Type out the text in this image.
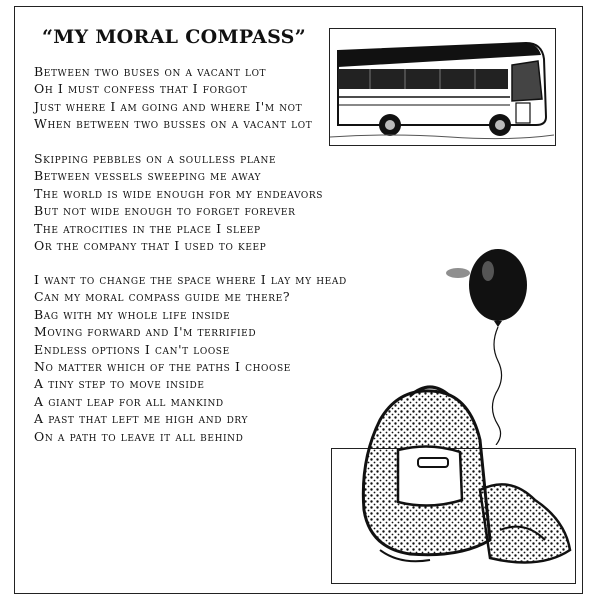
“MY MORAL COMPASS”
Between two buses on a vacant lot
Oh I must confess that I forgot
Just where I am going and where I'm not
When between two busses on a vacant lot
Skipping pebbles on a soulless plane
Between vessels sweeping me away
The world is wide enough for my endeavors
But not wide enough to forget forever
The atrocities in the place I sleep
Or the company that I used to keep
I want to change the space where I lay my head
Can my moral compass guide me there?
Bag with my whole life inside
Moving forward and I'm terrified
Endless options I can't loose
No matter which of the paths I choose
A tiny step to move inside
A giant leap for all mankind
A past that left me high and dry
On a path to leave it all behind
